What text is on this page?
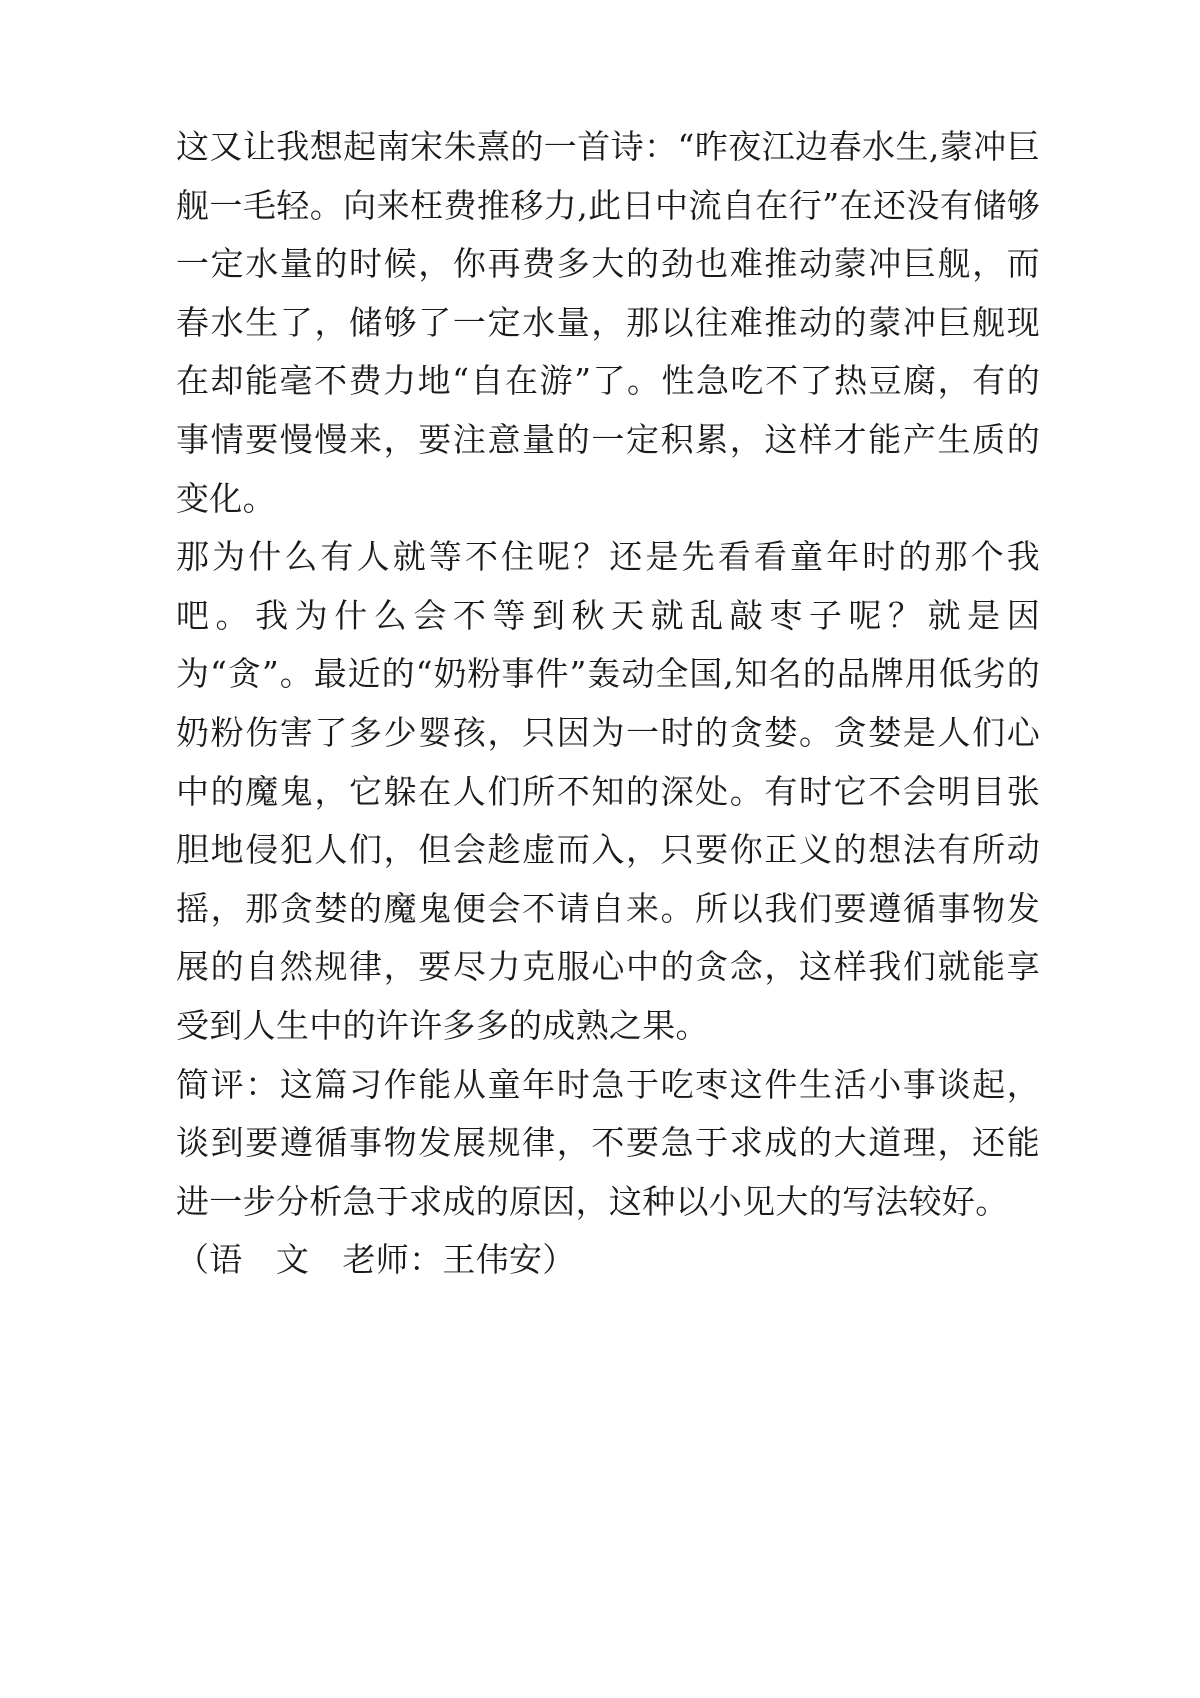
这又让我想起南宋朱熹的一首诗：“昨夜江边春水生,蒙冲巨舰一毛轻。向来枉费推移力,此日中流自在行”在还没有储够一定水量的时候，你再费多大的劲也难推动蒙冲巨舰，而春水生了，储够了一定水量，那以往难推动的蒙冲巨舰现在却能毫不费力地“自在游”了。性急吃不了热豆腐，有的事情要慢慢来，要注意量的一定积累，这样才能产生质的变化。

那为什么有人就等不住呢？还是先看看童年时的那个我吧。我为什么会不等到秋天就乱敲枣子呢？就是因为“贪”。最近的“奶粉事件”轰动全国,知名的品牌用低劣的奶粉伤害了多少婴孩，只因为一时的贪婪。贪婪是人们心中的魔鬼，它躲在人们所不知的深处。有时它不会明目张胆地侵犯人们，但会趁虚而入，只要你正义的想法有所动摇，那贪婪的魔鬼便会不请自来。所以我们要遵循事物发展的自然规律，要尽力克服心中的贪念，这样我们就能享受到人生中的许许多多的成熟之果。

简评：这篇习作能从童年时急于吃枣这件生活小事谈起，谈到要遵循事物发展规律，不要急于求成的大道理，还能进一步分析急于求成的原因，这种以小见大的写法较好。

（语　文　老师：王伟安）
